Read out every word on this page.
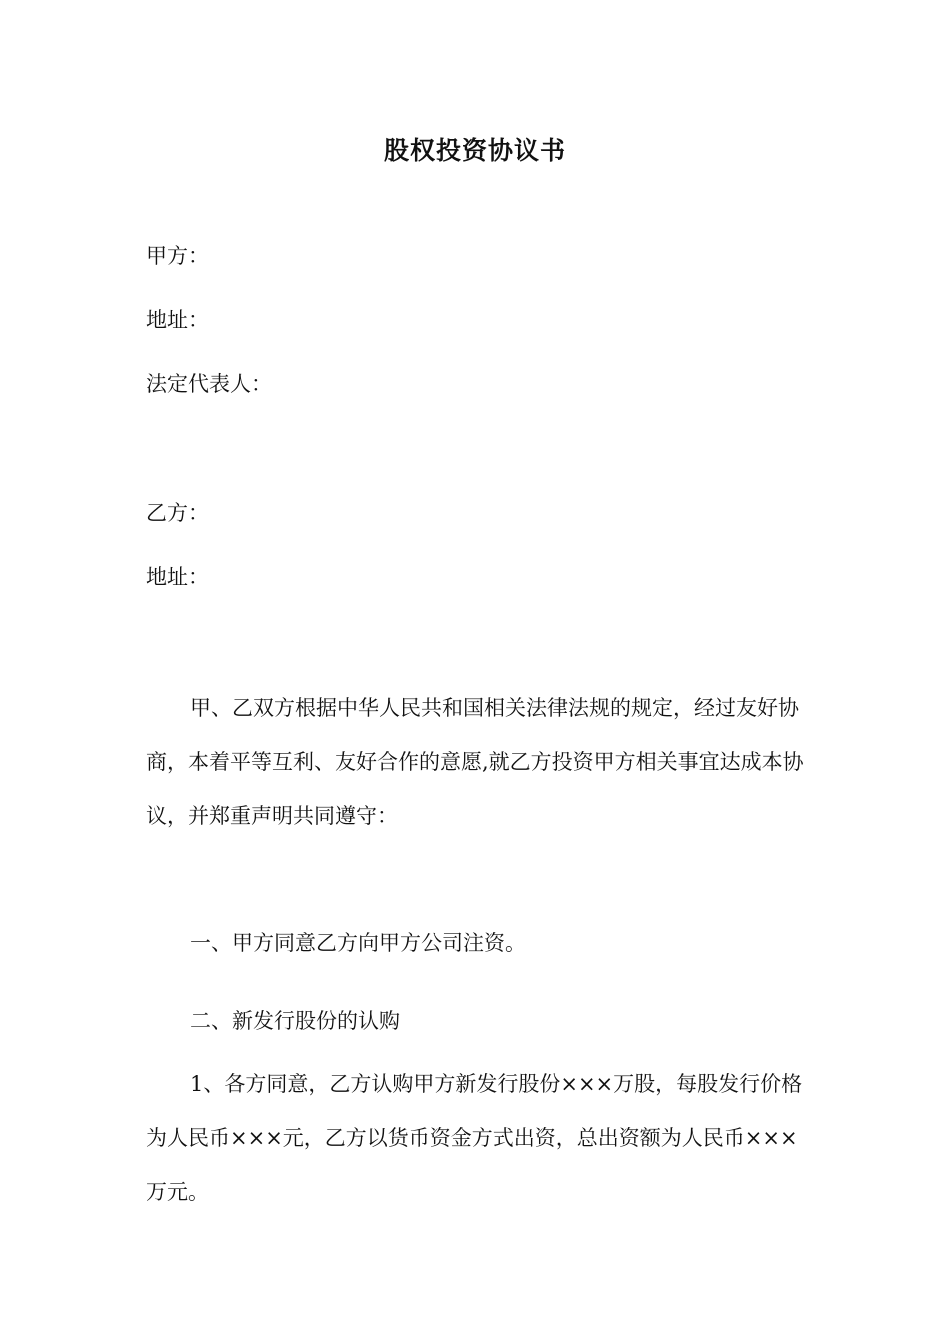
股权投资协议书

甲方：

地址：

法定代表人：

乙方：

地址：

甲、乙双方根据中华人民共和国相关法律法规的规定，经过友好协商，本着平等互利、友好合作的意愿,就乙方投资甲方相关事宜达成本协议，并郑重声明共同遵守：

一、甲方同意乙方向甲方公司注资。

二、新发行股份的认购

1、各方同意，乙方认购甲方新发行股份×××万股，每股发行价格为人民币×××元，乙方以货币资金方式出资，总出资额为人民币×××万元。
